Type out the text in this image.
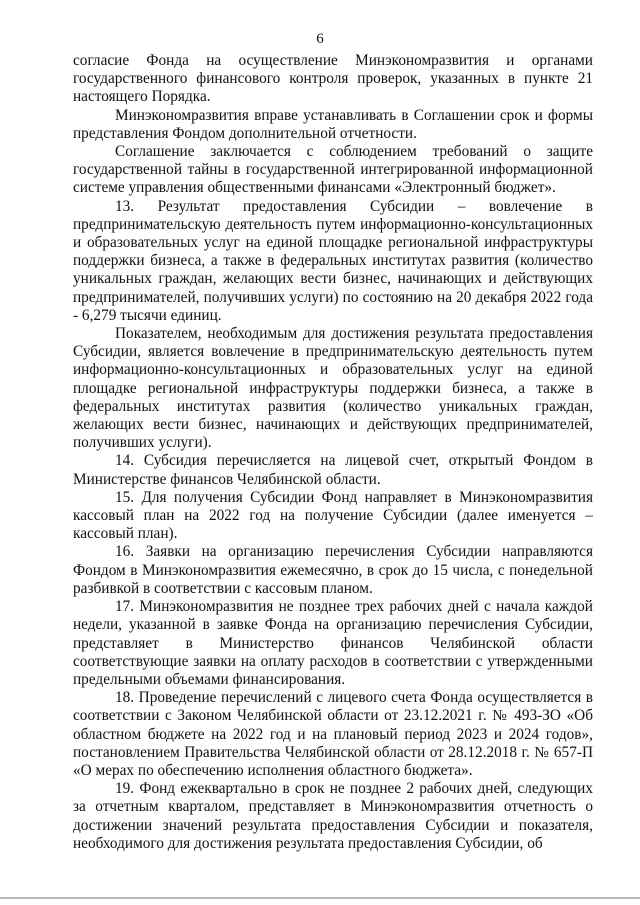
6

согласие Фонда на осуществление Минэкономразвития и органами государственного финансового контроля проверок, указанных в пункте 21 настоящего Порядка.

Минэкономразвития вправе устанавливать в Соглашении срок и формы представления Фондом дополнительной отчетности.

Соглашение заключается с соблюдением требований о защите государственной тайны в государственной интегрированной информационной системе управления общественными финансами «Электронный бюджет».

13. Результат предоставления Субсидии – вовлечение в предпринимательскую деятельность путем информационно-консультационных и образовательных услуг на единой площадке региональной инфраструктуры поддержки бизнеса, а также в федеральных институтах развития (количество уникальных граждан, желающих вести бизнес, начинающих и действующих предпринимателей, получивших услуги) по состоянию на 20 декабря 2022 года - 6,279 тысячи единиц.

Показателем, необходимым для достижения результата предоставления Субсидии, является вовлечение в предпринимательскую деятельность путем информационно-консультационных и образовательных услуг на единой площадке региональной инфраструктуры поддержки бизнеса, а также в федеральных институтах развития (количество уникальных граждан, желающих вести бизнес, начинающих и действующих предпринимателей, получивших услуги).

14. Субсидия перечисляется на лицевой счет, открытый Фондом в Министерстве финансов Челябинской области.

15. Для получения Субсидии Фонд направляет в Минэкономразвития кассовый план на 2022 год на получение Субсидии (далее именуется – кассовый план).

16. Заявки на организацию перечисления Субсидии направляются Фондом в Минэкономразвития ежемесячно, в срок до 15 числа, с понедельной разбивкой в соответствии с кассовым планом.

17. Минэкономразвития не позднее трех рабочих дней с начала каждой недели, указанной в заявке Фонда на организацию перечисления Субсидии, представляет в Министерство финансов Челябинской области соответствующие заявки на оплату расходов в соответствии с утвержденными предельными объемами финансирования.

18. Проведение перечислений с лицевого счета Фонда осуществляется в соответствии с Законом Челябинской области от 23.12.2021 г. № 493-ЗО «Об областном бюджете на 2022 год и на плановый период 2023 и 2024 годов», постановлением Правительства Челябинской области от 28.12.2018 г. № 657-П «О мерах по обеспечению исполнения областного бюджета».

19. Фонд ежеквартально в срок не позднее 2 рабочих дней, следующих за отчетным кварталом, представляет в Минэкономразвития отчетность о достижении значений результата предоставления Субсидии и показателя, необходимого для достижения результата предоставления Субсидии, об
